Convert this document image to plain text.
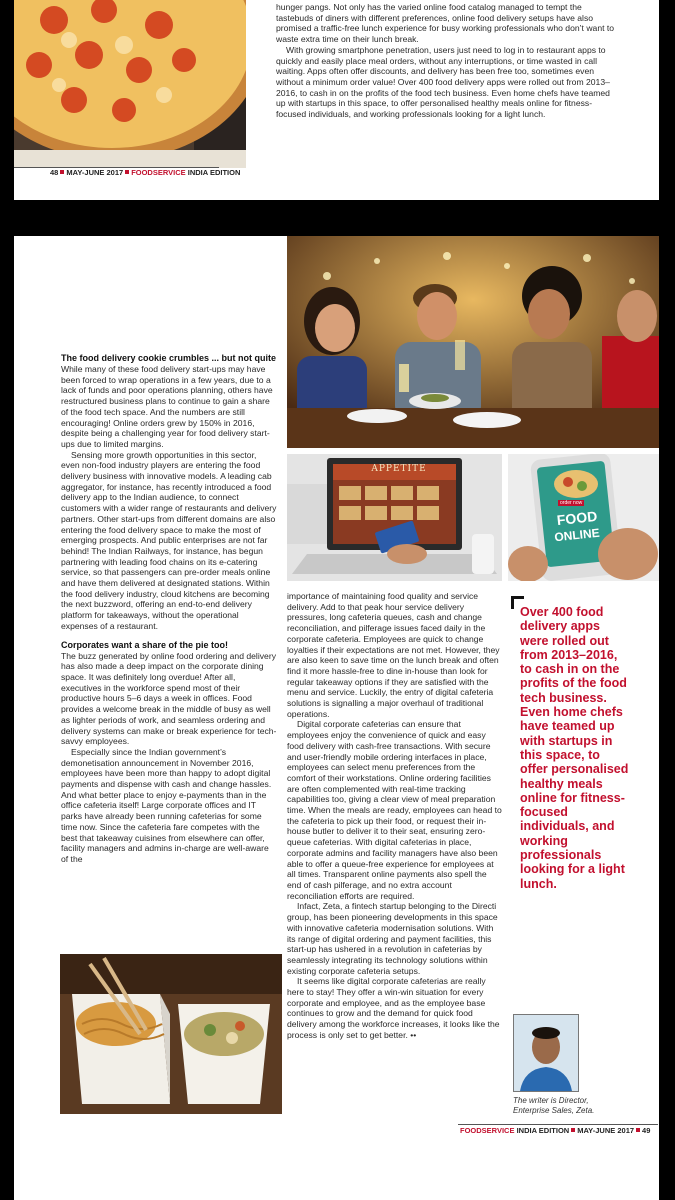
hunger pangs. Not only has the varied online food catalog managed to tempt the tastebuds of diners with different preferences, online food delivery setups have also promised a traffic-free lunch experience for busy working professionals who don’t want to waste extra time on their lunch break.

With growing smartphone penetration, users just need to log in to restaurant apps to quickly and easily place meal orders, without any interruptions, or time wasted in call waiting. Apps often offer discounts, and delivery has been free too, sometimes even without a minimum order value! Over 400 food delivery apps were rolled out from 2013–2016, to cash in on the profits of the food tech business. Even home chefs have teamed up with startups in this space, to offer personalised healthy meals online for fitness-focused individuals, and working professionals looking for a light lunch.

48 MAY-JUNE 2017 FOODSERVICE INDIA EDITION
APPETITE
order now
FOOD
ONLINE
The writer is Director, Enterprise Sales, Zeta.
The food delivery cookie crumbles ... but not quite

While many of these food delivery start-ups may have been forced to wrap operations in a few years, due to a lack of funds and poor operations planning, others have restructured business plans to continue to gain a share of the food tech space. And the numbers are still encouraging! Online orders grew by 150% in 2016, despite being a challenging year for food delivery start-ups due to limited margins.

Sensing more growth opportunities in this sector, even non-food industry players are entering the food delivery business with innovative models. A leading cab aggregator, for instance, has recently introduced a food delivery app to the Indian audience, to connect customers with a wider range of restaurants and delivery partners. Other start-ups from different domains are also entering the food delivery space to make the most of emerging prospects. And public enterprises are not far behind! The Indian Railways, for instance, has begun partnering with leading food chains on its e-catering service, so that passengers can pre-order meals online and have them delivered at designated stations. Within the food delivery industry, cloud kitchens are becoming the next buzzword, offering an end-to-end delivery platform for takeaways, without the operational expenses of a restaurant.

Corporates want a share of the pie too!

The buzz generated by online food ordering and delivery has also made a deep impact on the corporate dining space. It was definitely long overdue! After all, executives in the workforce spend most of their productive hours 5–6 days a week in offices. Food provides a welcome break in the middle of busy as well as lighter periods of work, and seamless ordering and delivery systems can make or break experience for tech-savvy employees.

Especially since the Indian government’s demonetisation announcement in November 2016, employees have been more than happy to adopt digital payments and dispense with cash and change hassles. And what better place to enjoy e-payments than in the office cafeteria itself! Large corporate offices and IT parks have already been running cafeterias for some time now. Since the cafeteria fare competes with the best that takeaway cuisines from elsewhere can offer, facility managers and admins in-charge are well-aware of the

importance of maintaining food quality and service delivery. Add to that peak hour service delivery pressures, long cafeteria queues, cash and change reconciliation, and pilferage issues faced daily in the corporate cafeteria. Employees are quick to change loyalties if their expectations are not met. However, they are also keen to save time on the lunch break and often find it more hassle-free to dine in-house than look for regular takeaway options if they are satisfied with the menu and service. Luckily, the entry of digital cafeteria solutions is signalling a major overhaul of traditional operations.

Digital corporate cafeterias can ensure that employees enjoy the convenience of quick and easy food delivery with cash-free transactions. With secure and user-friendly mobile ordering interfaces in place, employees can select menu preferences from the comfort of their workstations. Online ordering facilities are often complemented with real-time tracking capabilities too, giving a clear view of meal preparation time. When the meals are ready, employees can head to the cafeteria to pick up their food, or request their in-house butler to deliver it to their seat, ensuring zero-queue cafeterias. With digital cafeterias in place, corporate admins and facility managers have also been able to offer a queue-free experience for employees at all times. Transparent online payments also spell the end of cash pilferage, and no extra account reconciliation efforts are required.

Infact, Zeta, a fintech startup belonging to the Directi group, has been pioneering developments in this space with innovative cafeteria modernisation solutions. With its range of digital ordering and payment facilities, this start-up has ushered in a revolution in cafeterias by seamlessly integrating its technology solutions within existing corporate cafeteria setups.

It seems like digital corporate cafeterias are really here to stay! They offer a win-win situation for every corporate and employee, and as the employee base continues to grow and the demand for quick food delivery among the workforce increases, it looks like the process is only set to get better. ••

Over 400 food delivery apps were rolled out from 2013–2016, to cash in on the profits of the food tech business. Even home chefs have teamed up with startups in this space, to offer personalised healthy meals online for fitness-focused individuals, and working professionals looking for a light lunch.
FOODSERVICE INDIA EDITION MAY-JUNE 2017 49
